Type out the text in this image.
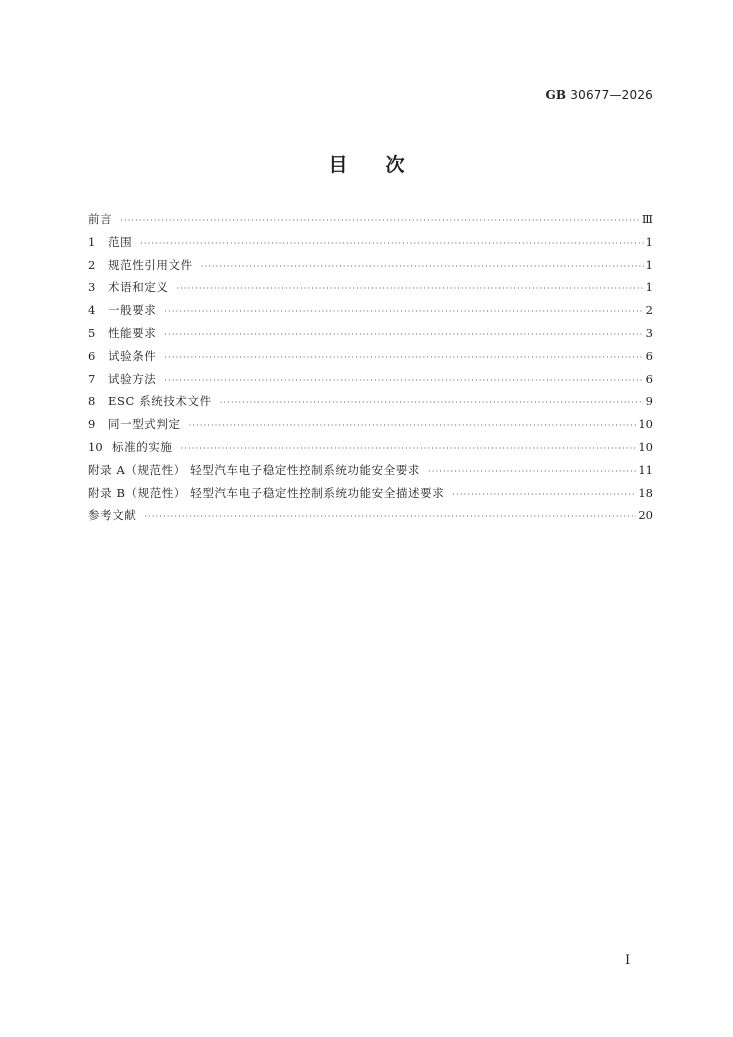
GB 30677—2026
目次
前言 ·····	Ⅲ
1	范围 ·····	1
2	规范性引用文件 ·····	1
3	术语和定义 ·····	1
4	一般要求 ·····	2
5	性能要求 ·····	3
6	试验条件 ·····	6
7	试验方法 ·····	6
8	ESC 系统技术文件 ·····	9
9	同一型式判定 ·····	10
10 标准的实施 ·····	10
附录 A（规范性） 轻型汽车电子稳定性控制系统功能安全要求 ·····	11
附录 B（规范性） 轻型汽车电子稳定性控制系统功能安全描述要求 ·····	18
参考文献 ·····	20
I
